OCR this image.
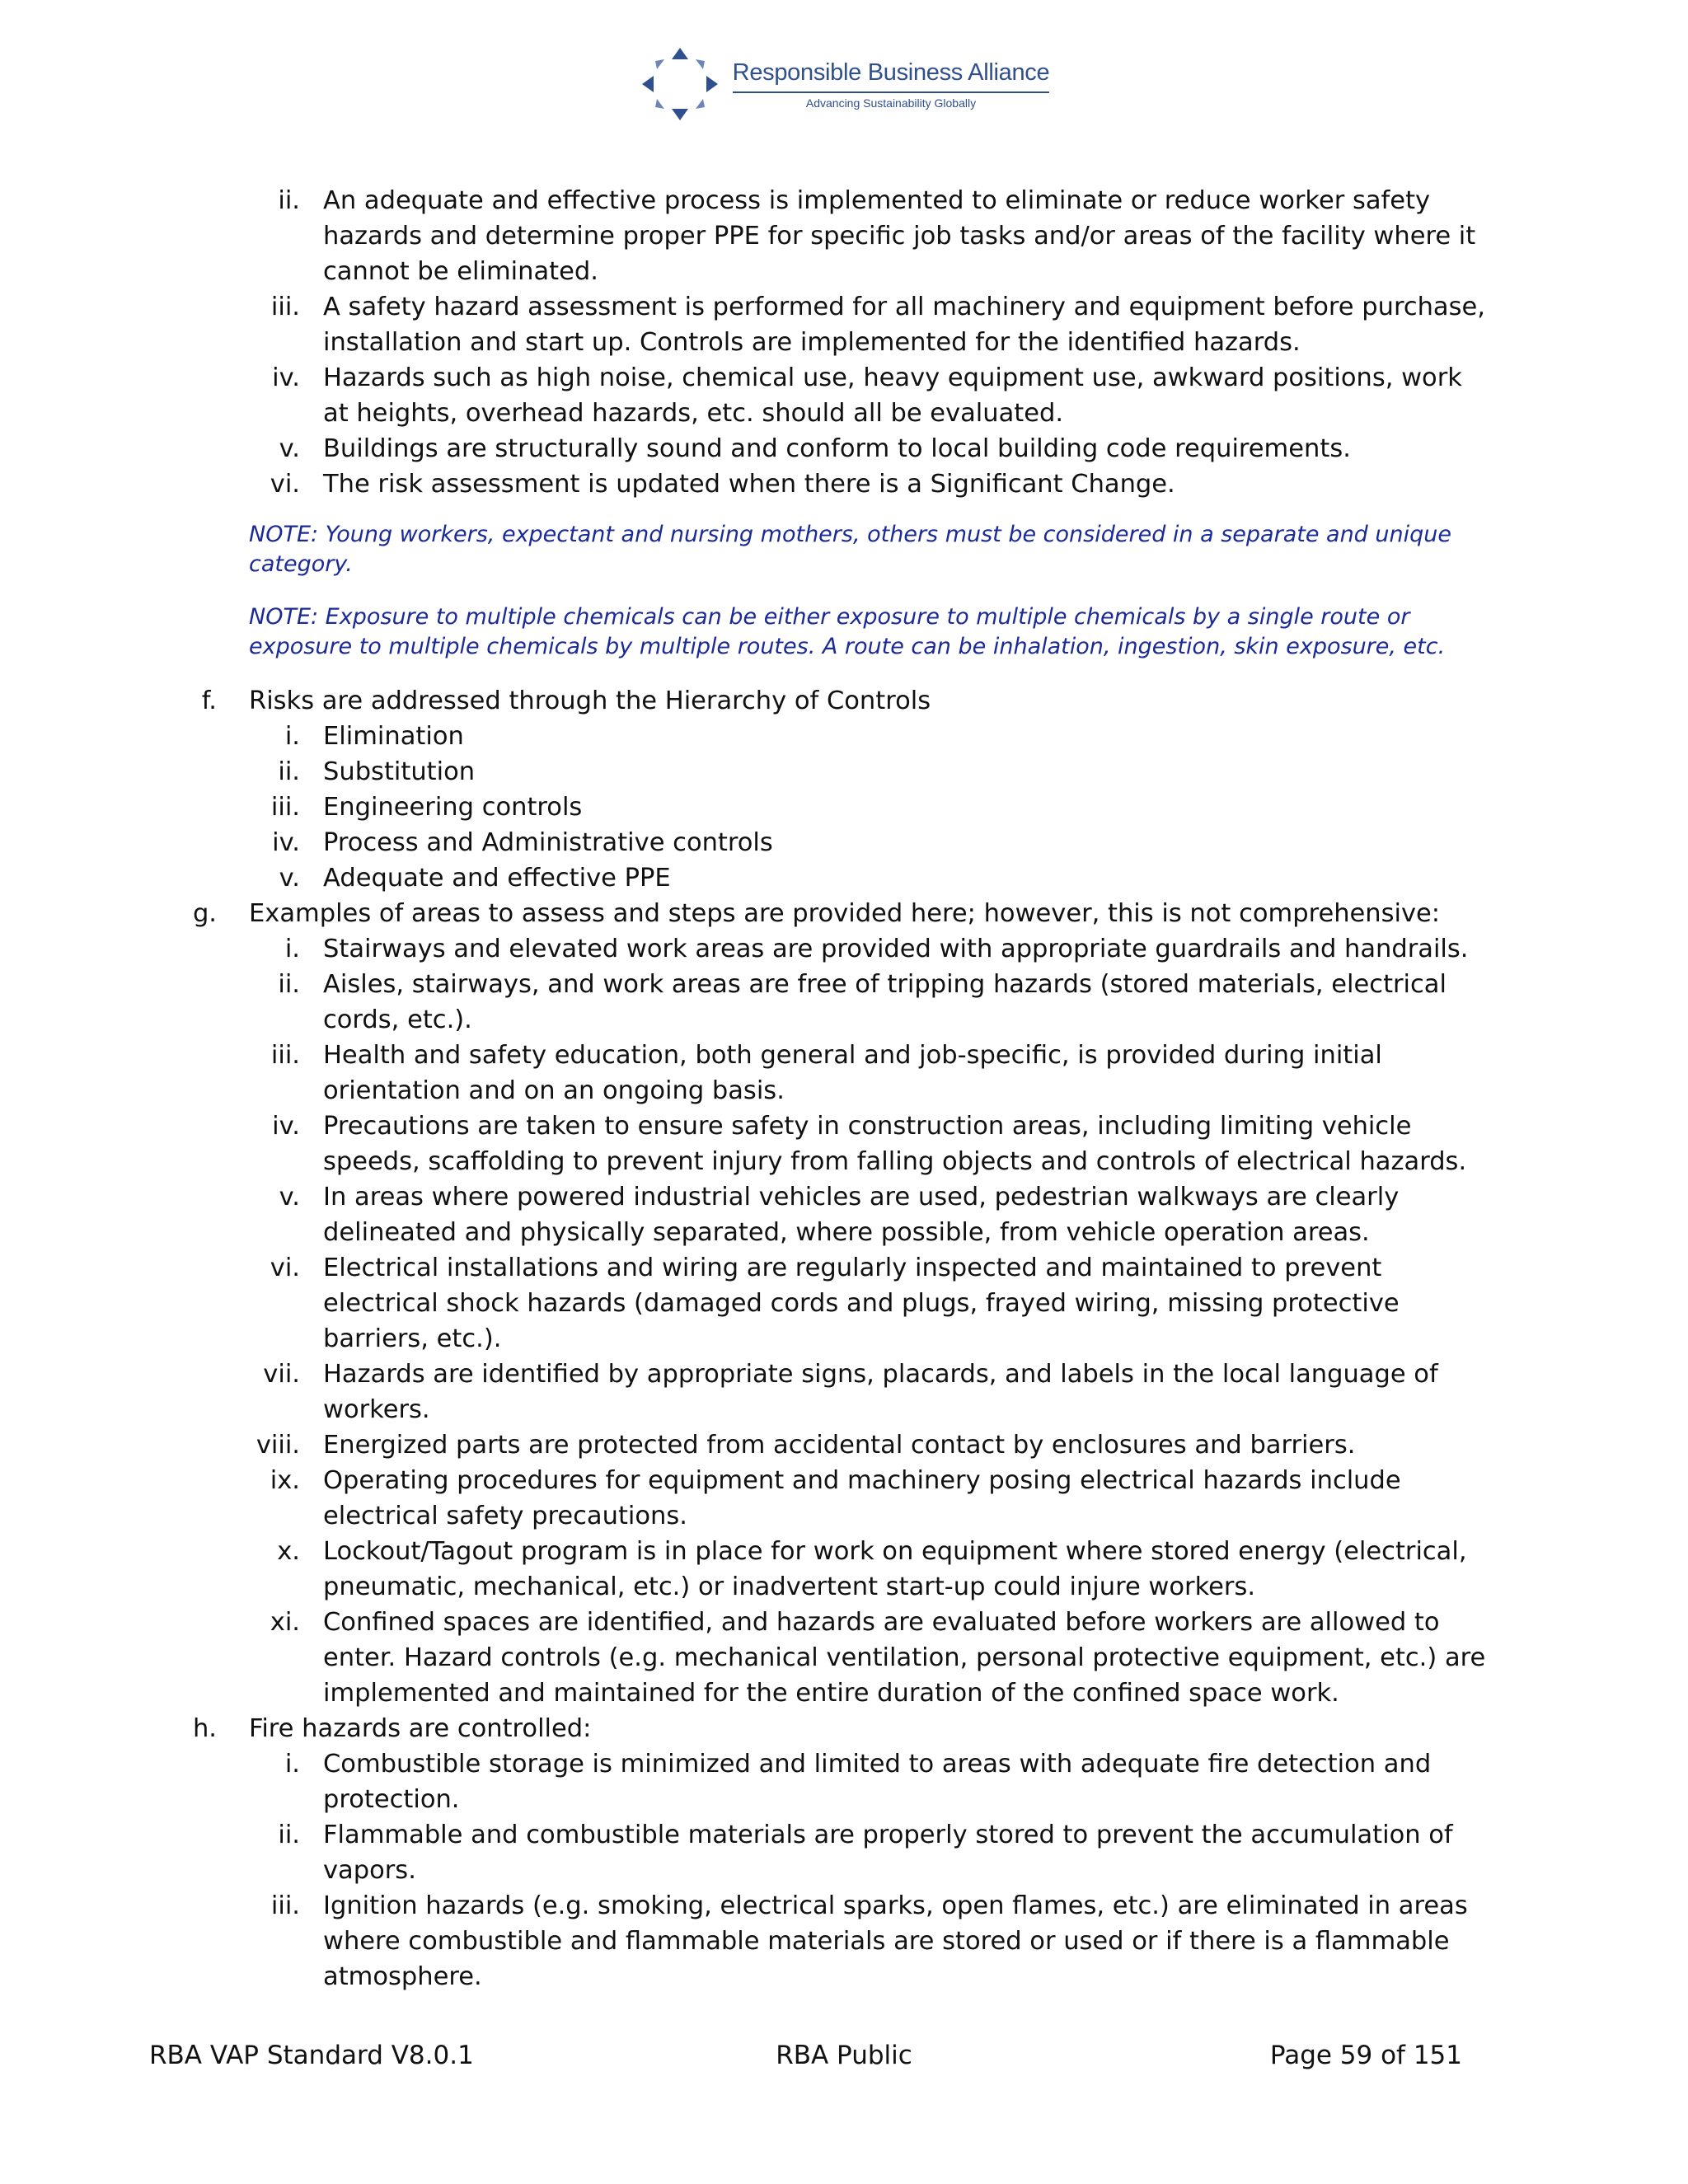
Responsible Business Alliance
Advancing Sustainability Globally
ii. An adequate and effective process is implemented to eliminate or reduce worker safety hazards and determine proper PPE for specific job tasks and/or areas of the facility where it cannot be eliminated.
iii. A safety hazard assessment is performed for all machinery and equipment before purchase, installation and start up. Controls are implemented for the identified hazards.
iv. Hazards such as high noise, chemical use, heavy equipment use, awkward positions, work at heights, overhead hazards, etc. should all be evaluated.
v. Buildings are structurally sound and conform to local building code requirements.
vi. The risk assessment is updated when there is a Significant Change.
NOTE: Young workers, expectant and nursing mothers, others must be considered in a separate and unique category.
NOTE: Exposure to multiple chemicals can be either exposure to multiple chemicals by a single route or exposure to multiple chemicals by multiple routes. A route can be inhalation, ingestion, skin exposure, etc.
f. Risks are addressed through the Hierarchy of Controls
i. Elimination
ii. Substitution
iii. Engineering controls
iv. Process and Administrative controls
v. Adequate and effective PPE
g. Examples of areas to assess and steps are provided here; however, this is not comprehensive:
i. Stairways and elevated work areas are provided with appropriate guardrails and handrails.
ii. Aisles, stairways, and work areas are free of tripping hazards (stored materials, electrical cords, etc.).
iii. Health and safety education, both general and job-specific, is provided during initial orientation and on an ongoing basis.
iv. Precautions are taken to ensure safety in construction areas, including limiting vehicle speeds, scaffolding to prevent injury from falling objects and controls of electrical hazards.
v. In areas where powered industrial vehicles are used, pedestrian walkways are clearly delineated and physically separated, where possible, from vehicle operation areas.
vi. Electrical installations and wiring are regularly inspected and maintained to prevent electrical shock hazards (damaged cords and plugs, frayed wiring, missing protective barriers, etc.).
vii. Hazards are identified by appropriate signs, placards, and labels in the local language of workers.
viii. Energized parts are protected from accidental contact by enclosures and barriers.
ix. Operating procedures for equipment and machinery posing electrical hazards include electrical safety precautions.
x. Lockout/Tagout program is in place for work on equipment where stored energy (electrical, pneumatic, mechanical, etc.) or inadvertent start-up could injure workers.
xi. Confined spaces are identified, and hazards are evaluated before workers are allowed to enter. Hazard controls (e.g. mechanical ventilation, personal protective equipment, etc.) are implemented and maintained for the entire duration of the confined space work.
h. Fire hazards are controlled:
i. Combustible storage is minimized and limited to areas with adequate fire detection and protection.
ii. Flammable and combustible materials are properly stored to prevent the accumulation of vapors.
iii. Ignition hazards (e.g. smoking, electrical sparks, open flames, etc.) are eliminated in areas where combustible and flammable materials are stored or used or if there is a flammable atmosphere.
RBA VAP Standard V8.0.1	RBA Public	Page 59 of 151
